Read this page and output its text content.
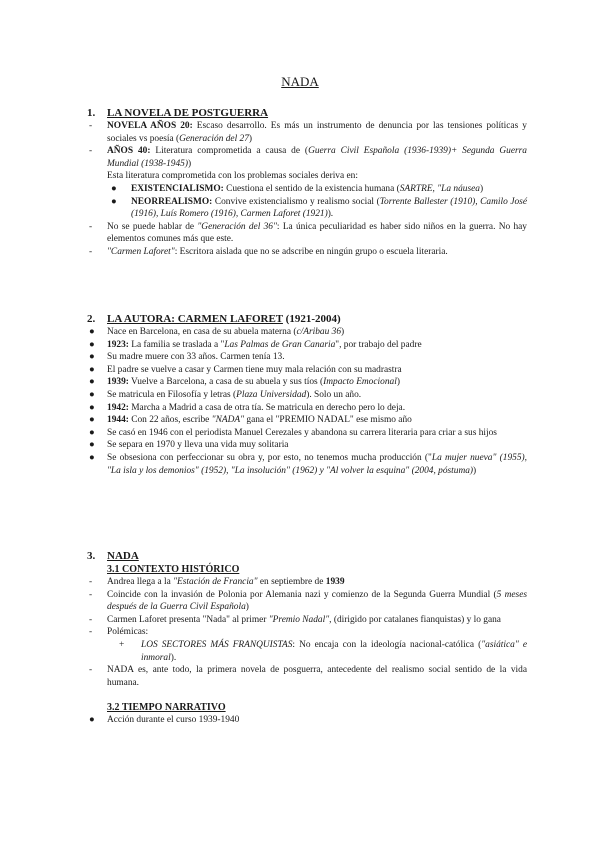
NADA
1.	LA NOVELA DE POSTGUERRA
-	NOVELA AÑOS 20: Escaso desarrollo. Es más un instrumento de denuncia por las tensiones políticas y sociales vs poesía (Generación del 27)
-	AÑOS 40: Literatura comprometida a causa de (Guerra Civil Española (1936-1939)+ Segunda Guerra Mundial (1938-1945))
Esta literatura comprometida con los problemas sociales deriva en:
●	EXISTENCIALISMO: Cuestiona el sentido de la existencia humana (SARTRE, "La náusea)
●	NEORREALISMO: Convive existencialismo y realismo social (Torrente Ballester (1910), Camilo José (1916), Luís Romero (1916), Carmen Laforet (1921)).
-	No se puede hablar de "Generación del 36": La única peculiaridad es haber sido niños en la guerra. No hay elementos comunes más que este.
-	"Carmen Laforet": Escritora aislada que no se adscribe en ningún grupo o escuela literaria.
2.	LA AUTORA: CARMEN LAFORET (1921-2004)
●	Nace en Barcelona, en casa de su abuela materna (c/Aribau 36)
●	1923: La familia se traslada a "Las Palmas de Gran Canaria", por trabajo del padre
●	Su madre muere con 33 años. Carmen tenía 13.
●	El padre se vuelve a casar y Carmen tiene muy mala relación con su madrastra
●	1939: Vuelve a Barcelona, a casa de su abuela y sus tíos (Impacto Emocional)
●	Se matricula en Filosofía y letras (Plaza Universidad). Solo un año.
●	1942: Marcha a Madrid a casa de otra tía. Se matricula en derecho pero lo deja.
●	1944: Con 22 años, escribe "NADA" gana el "PREMIO NADAL" ese mismo año
●	Se casó en 1946 con el periodista Manuel Cerezales y abandona su carrera literaria para criar a sus hijos
●	Se separa en 1970 y lleva una vida muy solitaria
●	Se obsesiona con perfeccionar su obra y, por esto, no tenemos mucha producción ("La mujer nueva" (1955), "La isla y los demonios" (1952), "La insolución" (1962) y "Al volver la esquina" (2004, póstuma))
3.	NADA
3.1 CONTEXTO HISTÓRICO
-	Andrea llega a la "Estación de Francia" en septiembre de 1939
-	Coincide con la invasión de Polonia por Alemania nazi y comienzo de la Segunda Guerra Mundial (5 meses después de la Guerra Civil Española)
-	Carmen Laforet presenta "Nada" al primer "Premio Nadal", (dirigido por catalanes fianquistas) y lo gana
-	Polémicas:
+	LOS SECTORES MÁS FRANQUISTAS: No encaja con la ideología nacional-católica ("asiática" e inmoral).
-	NADA es, ante todo, la primera novela de posguerra, antecedente del realismo social sentido de la vida humana.
3.2 TIEMPO NARRATIVO
●	Acción durante el curso 1939-1940
